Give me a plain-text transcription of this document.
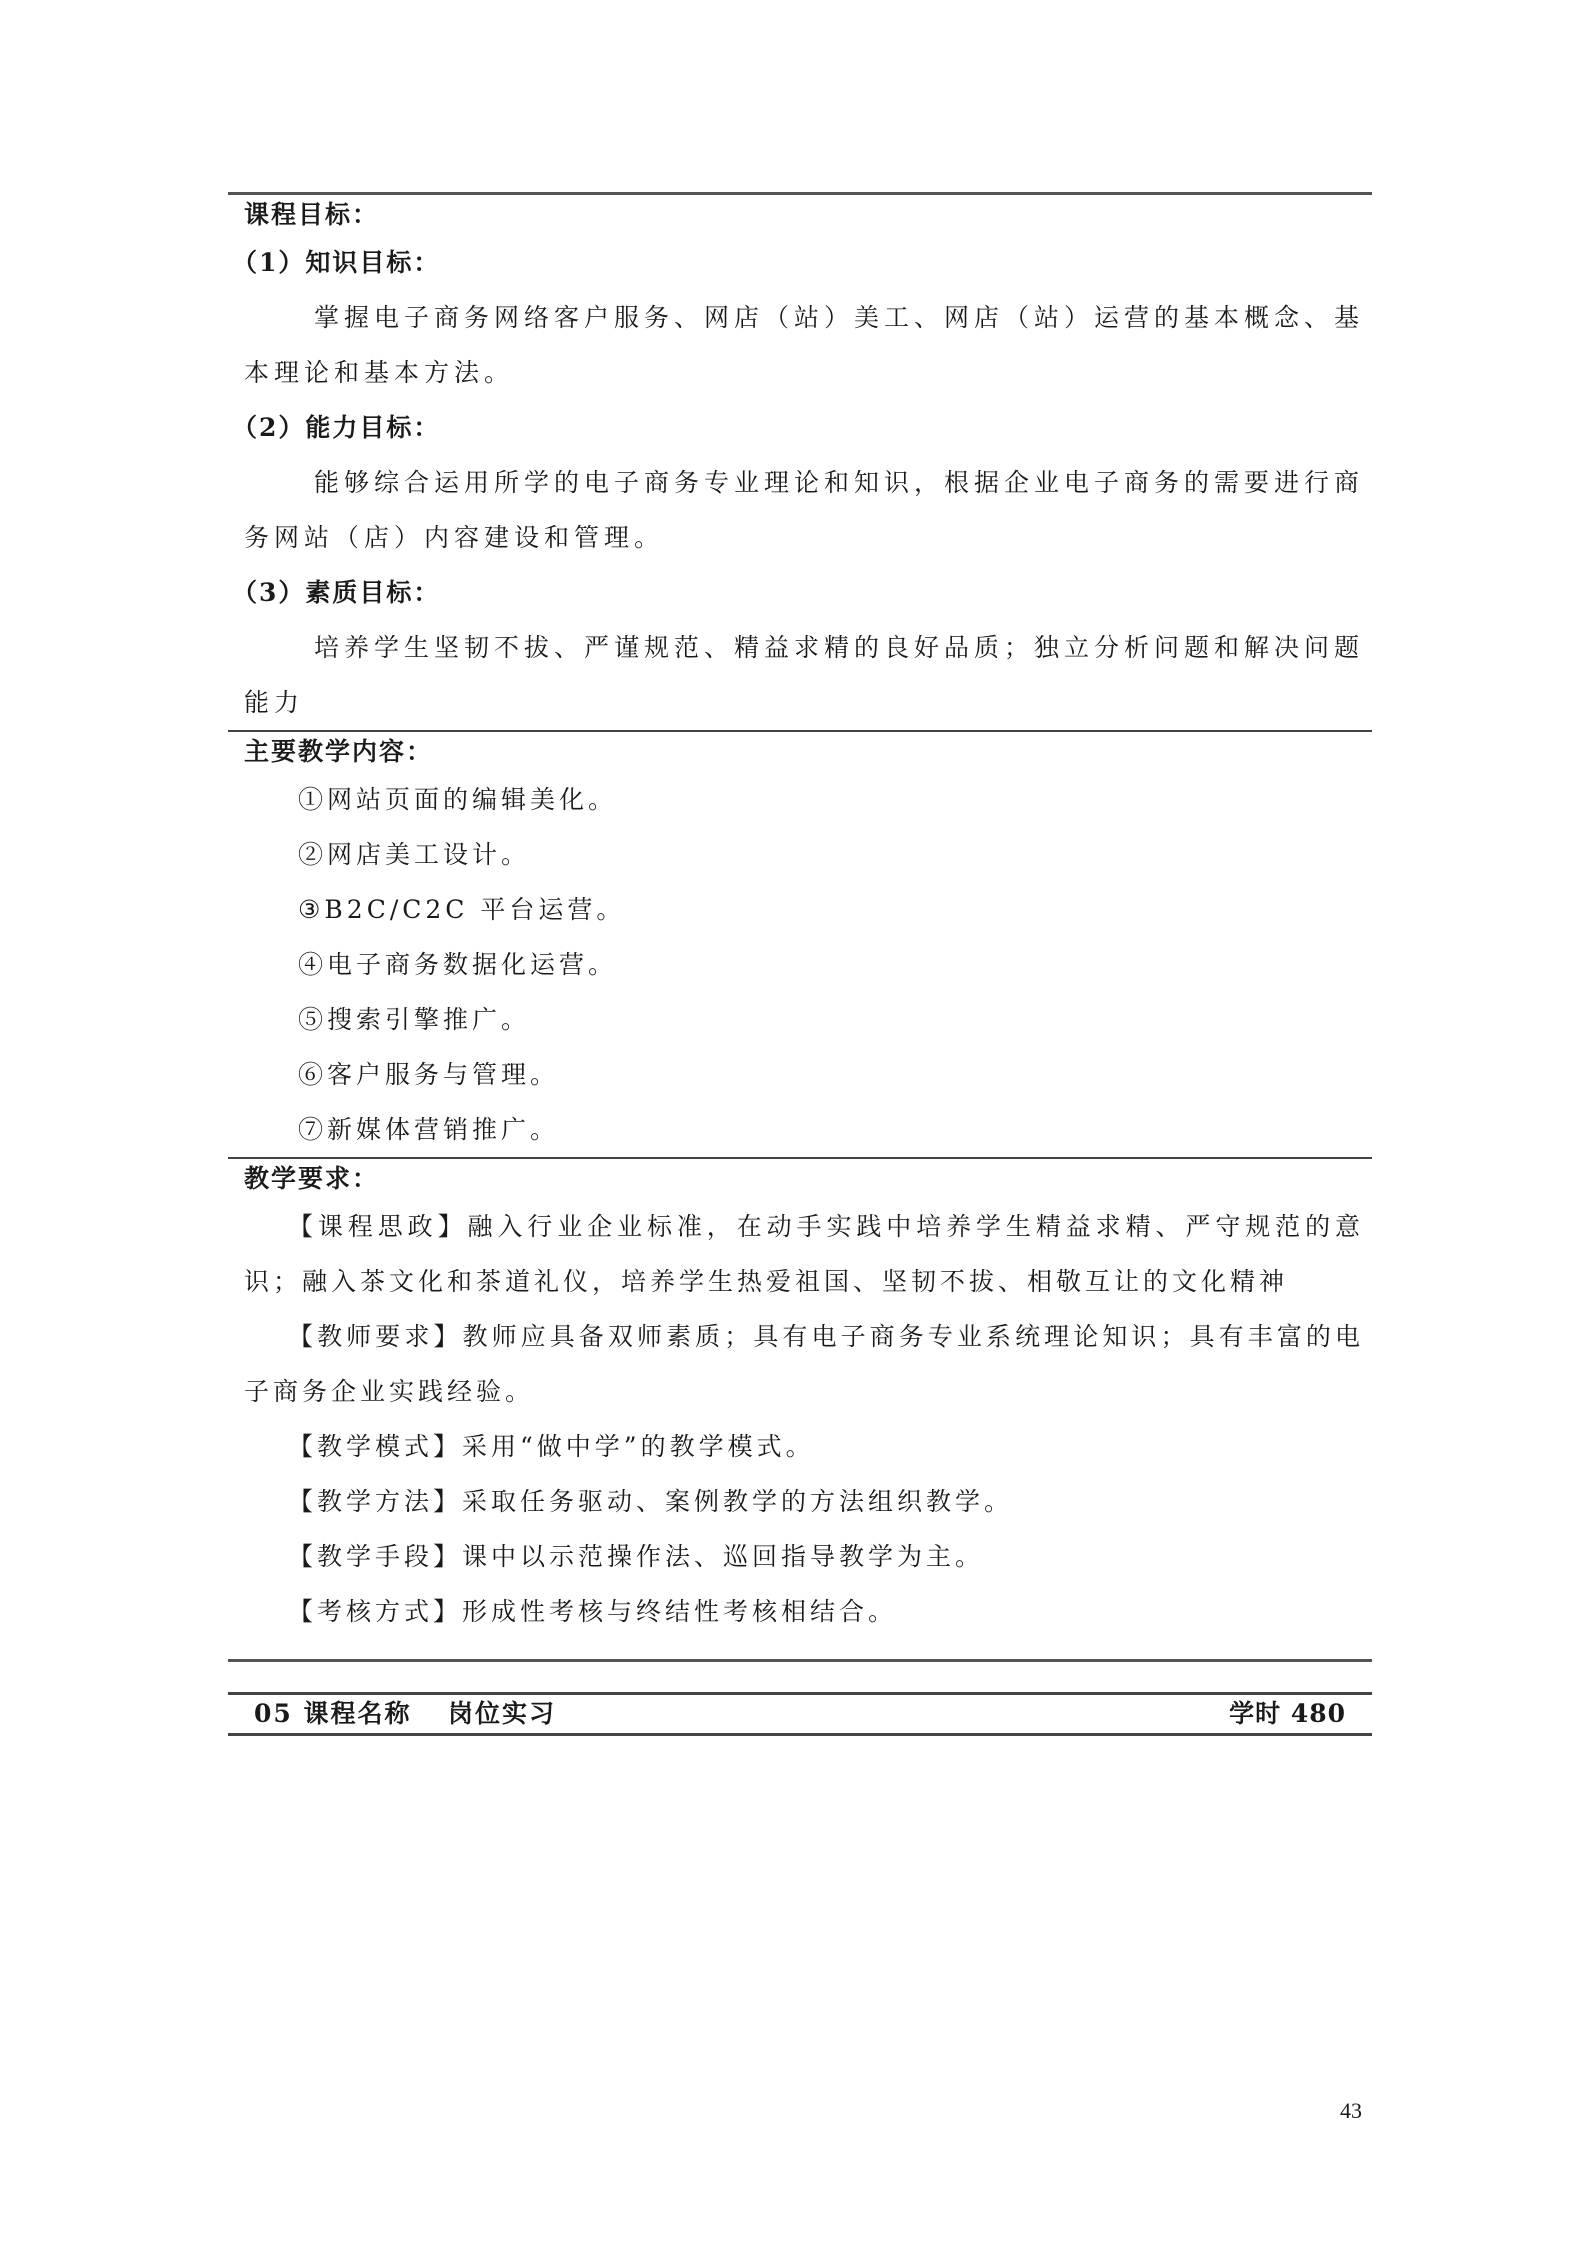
课程目标：
（1）知识目标：

掌握电子商务网络客户服务、网店（站）美工、网店（站）运营的基本概念、基本理论和基本方法。

（2）能力目标：

能够综合运用所学的电子商务专业理论和知识，根据企业电子商务的需要进行商务网站（店）内容建设和管理。

（3）素质目标：

培养学生坚韧不拔、严谨规范、精益求精的良好品质；独立分析问题和解决问题能力

主要教学内容：
①网站页面的编辑美化。
②网店美工设计。
③B2C/C2C 平台运营。
④电子商务数据化运营。
⑤搜索引擎推广。
⑥客户服务与管理。
⑦新媒体营销推广。
教学要求：

【课程思政】融入行业企业标准，在动手实践中培养学生精益求精、严守规范的意识；融入茶文化和茶道礼仪，培养学生热爱祖国、坚韧不拔、相敬互让的文化精神

【教师要求】教师应具备双师素质；具有电子商务专业系统理论知识；具有丰富的电子商务企业实践经验。

【教学模式】采用“做中学”的教学模式。

【教学方法】采取任务驱动、案例教学的方法组织教学。

【教学手段】课中以示范操作法、巡回指导教学为主。

【考核方式】形成性考核与终结性考核相结合。

05 课程名称 岗位实习	学时 480
43
